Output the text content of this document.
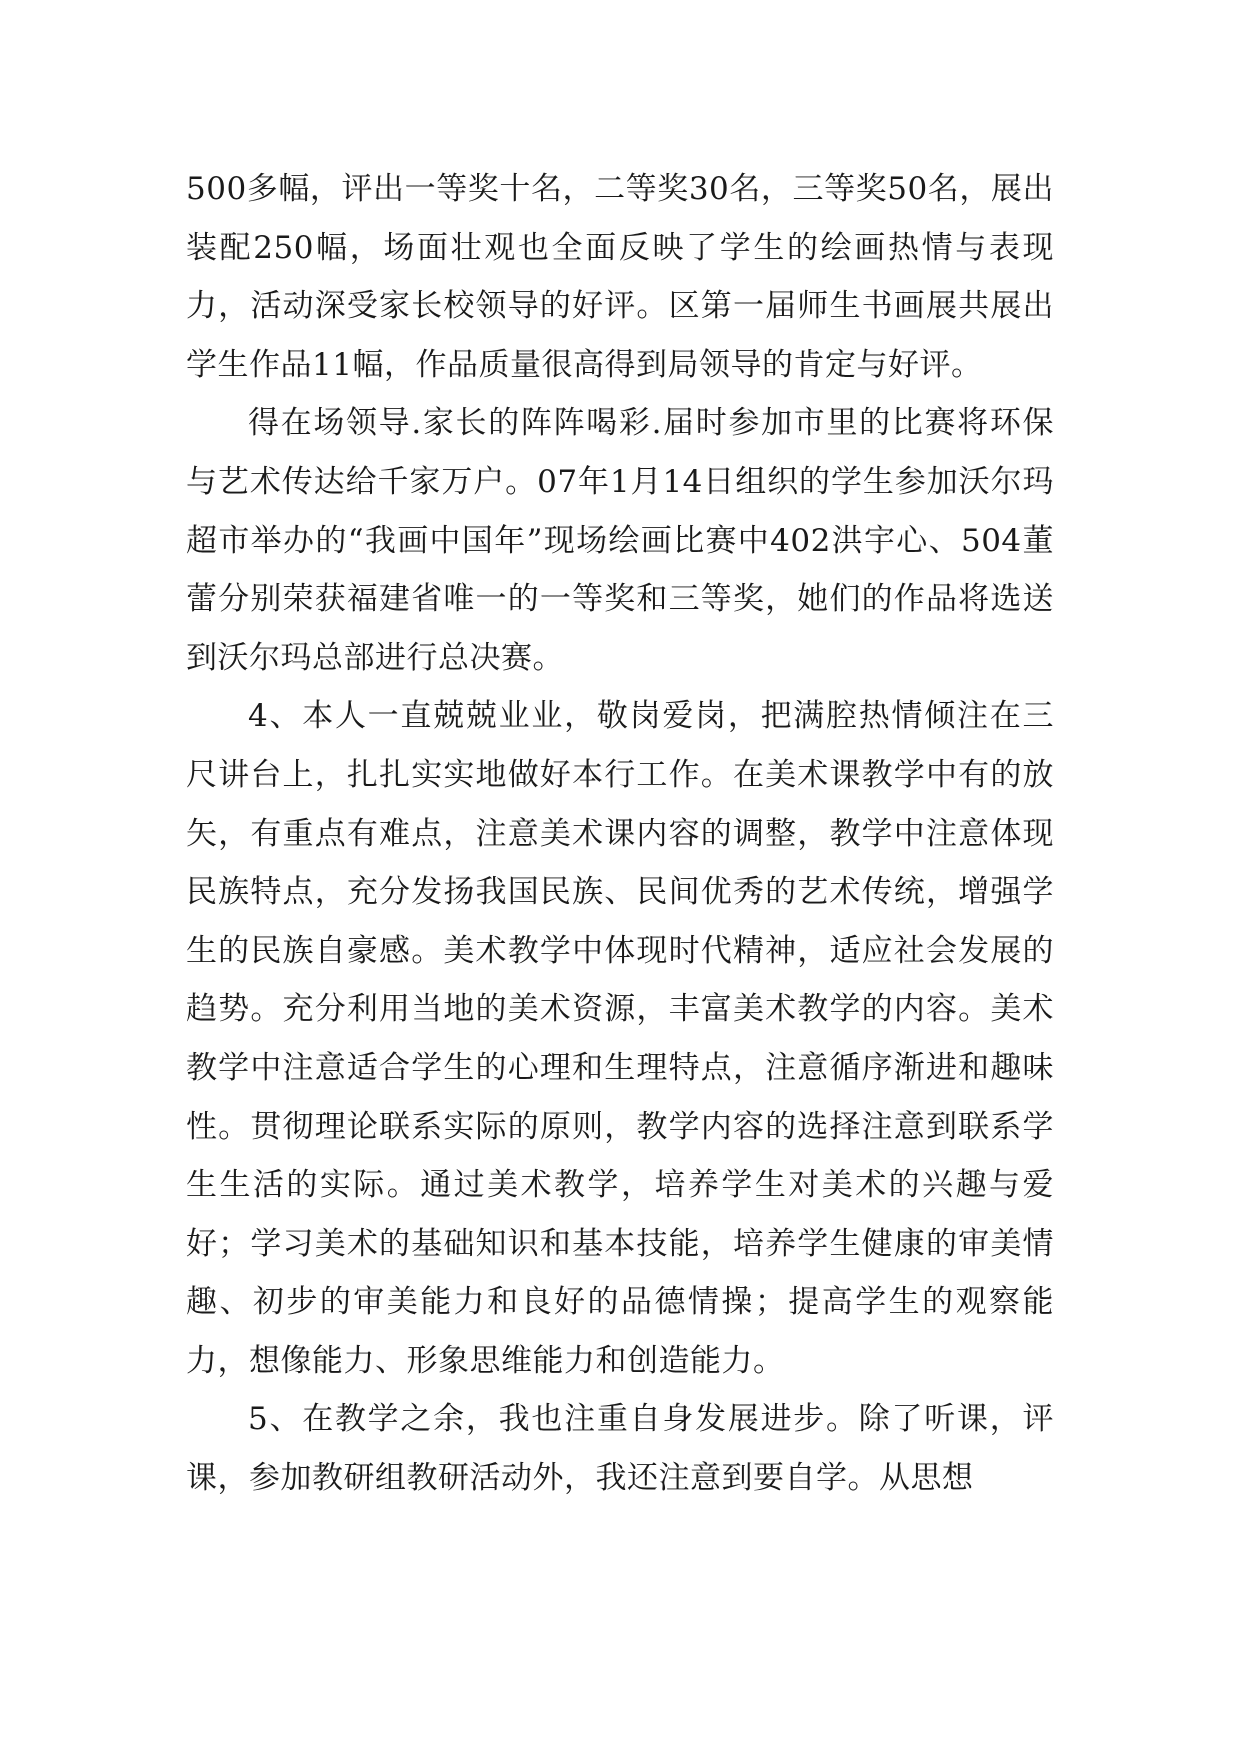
500多幅，评出一等奖十名，二等奖30名，三等奖50名，展出装配250幅，场面壮观也全面反映了学生的绘画热情与表现力，活动深受家长校领导的好评。区第一届师生书画展共展出学生作品11幅，作品质量很高得到局领导的肯定与好评。

得在场领导.家长的阵阵喝彩.届时参加市里的比赛将环保与艺术传达给千家万户。07年1月14日组织的学生参加沃尔玛超市举办的“我画中国年”现场绘画比赛中402洪宇心、504董蕾分别荣获福建省唯一的一等奖和三等奖，她们的作品将选送到沃尔玛总部进行总决赛。

4、本人一直兢兢业业，敬岗爱岗，把满腔热情倾注在三尺讲台上，扎扎实实地做好本行工作。在美术课教学中有的放矢，有重点有难点，注意美术课内容的调整，教学中注意体现民族特点，充分发扬我国民族、民间优秀的艺术传统，增强学生的民族自豪感。美术教学中体现时代精神，适应社会发展的趋势。充分利用当地的美术资源，丰富美术教学的内容。美术教学中注意适合学生的心理和生理特点，注意循序渐进和趣味性。贯彻理论联系实际的原则，教学内容的选择注意到联系学生生活的实际。通过美术教学，培养学生对美术的兴趣与爱好；学习美术的基础知识和基本技能，培养学生健康的审美情趣、初步的审美能力和良好的品德情操；提高学生的观察能力，想像能力、形象思维能力和创造能力。

5、在教学之余，我也注重自身发展进步。除了听课，评课，参加教研组教研活动外，我还注意到要自学。从思想
